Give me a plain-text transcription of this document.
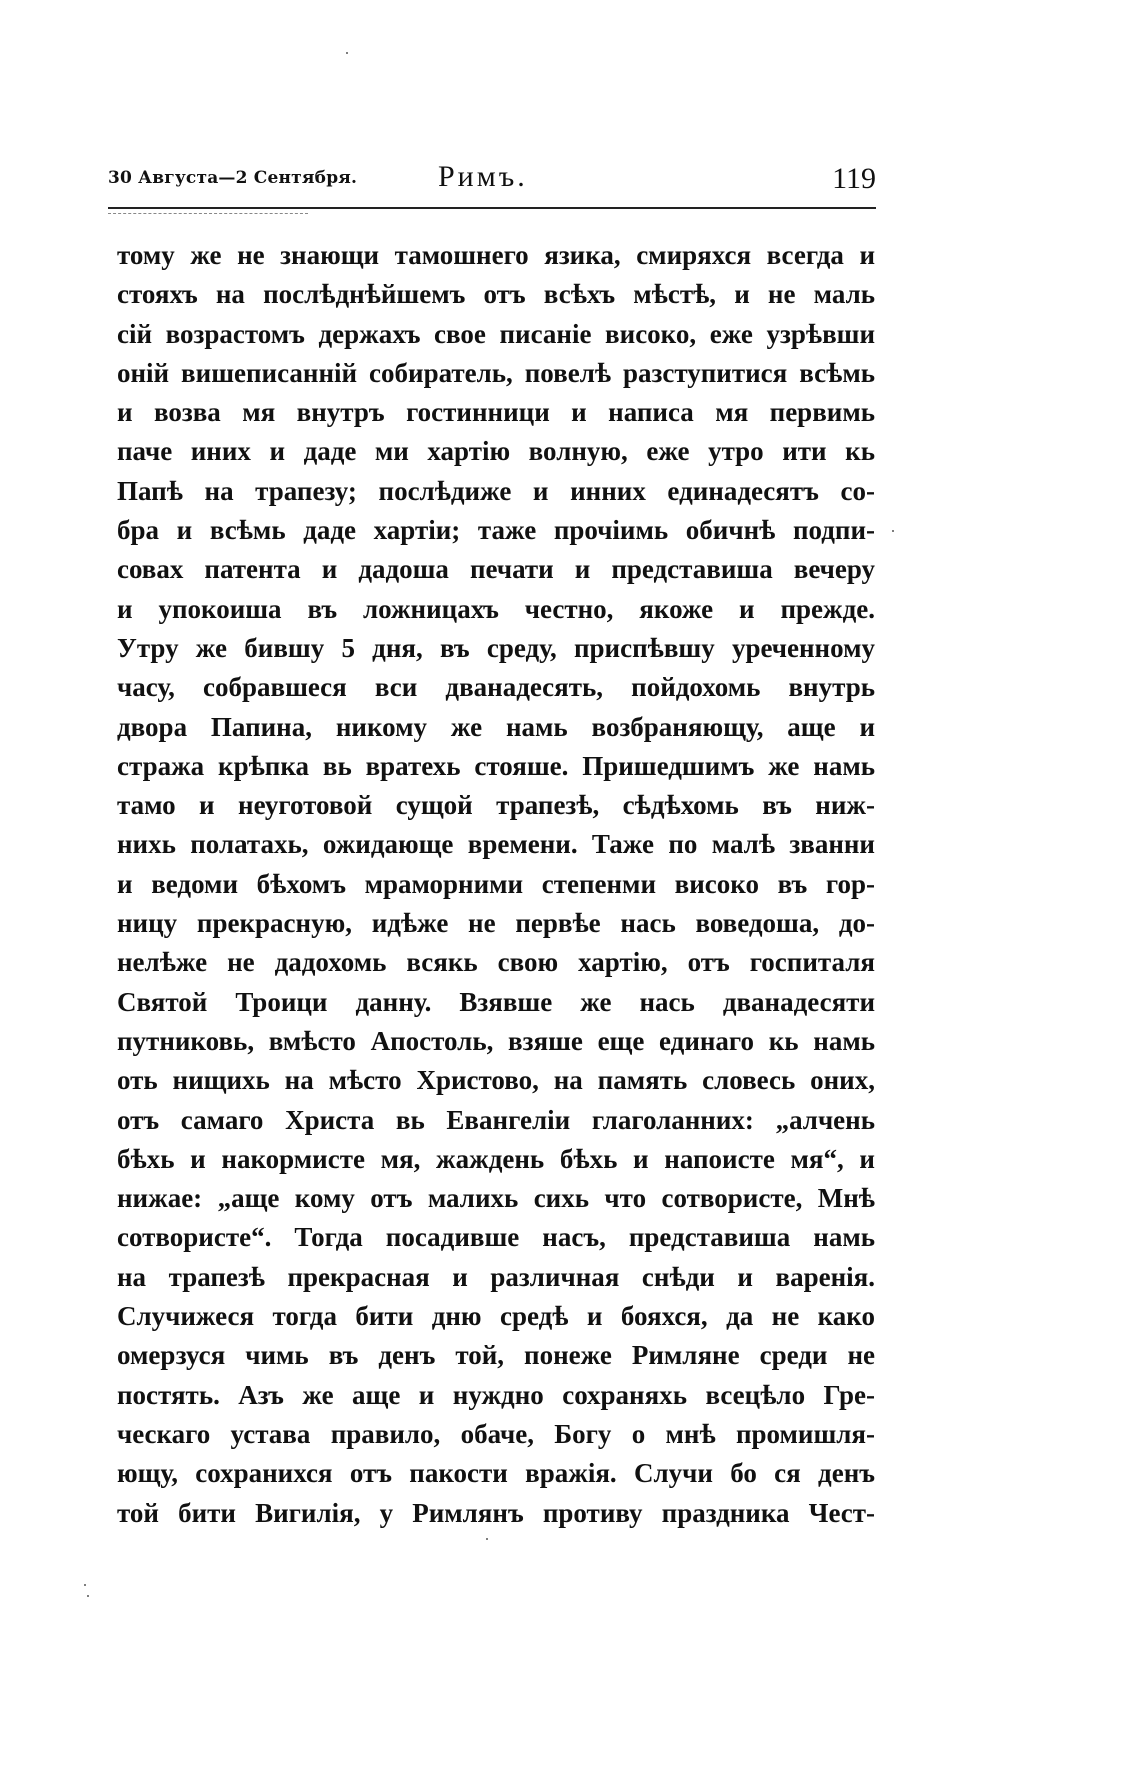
30 Августа—2 Сентября.	Римъ.	119
тому же не знающи тамошнего язика, смиряхся всегда и
стояхъ на послѣднѣйшемъ отъ всѣхъ мѣстѣ, и не маль
сій возрастомъ держахъ свое писаніе високо, еже узрѣвши
оній вишеписанній собиратель, повелѣ разступитися всѣмь
и возва мя внутръ гостинници и написа мя первимь
паче иних и даде ми хартію волную, еже утро ити кь
Папѣ на трапезу; послѣдиже и инних единадесятъ со-
бра и всѣмь даде хартіи; таже прочіимь обичнѣ подпи-
совах патента и дадоша печати и представиша вечеру
и упокоиша въ ложницахъ честно, якоже и прежде.
Утру же бившу 5 дня, въ среду, приспѣвшу уреченному
часу, собравшеся вси дванадесять, пойдохомь внутрь
двора Папина, никому же намь возбраняющу, аще и
стража крѣпка вь вратехь стояше. Пришедшимъ же намь
тамо и неуготовой сущой трапезѣ, сѣдѣхомь въ ниж-
нихь полатахь, ожидающе времени. Таже по малѣ званни
и ведоми бѣхомъ мраморними степенми високо въ гор-
ницу прекрасную, идѣже не первѣе нась воведоша, до-
нелѣже не дадохомь всякь свою хартію, отъ госпиталя
Святой Троици данну. Взявше же нась дванадесяти
путниковь, вмѣсто Апостоль, взяше еще единаго кь намь
оть нищихь на мѣсто Христово, на память словесь оних,
отъ самаго Христа вь Евангеліи глаголанних: „алчень
бѣхь и накормисте мя, жаждень бѣхь и напоисте мя“, и
нижае: „аще кому отъ малихь сихь что сотвористе, Мнѣ
сотвористе“. Тогда посадивше насъ, представиша намь
на трапезѣ прекрасная и различная снѣди и варенія.
Случижеся тогда бити дню средѣ и бояхся, да не како
омерзуся чимь въ денъ той, понеже Римляне среди не
постять. Азъ же аще и нуждно сохраняхь всецѣло Гре-
ческаго устава правило, обаче, Богу о мнѣ промишля-
ющу, сохранихся отъ пакости вражія. Случи бо ся денъ
той бити Вигилія, у Римлянъ противу праздника Чест-
